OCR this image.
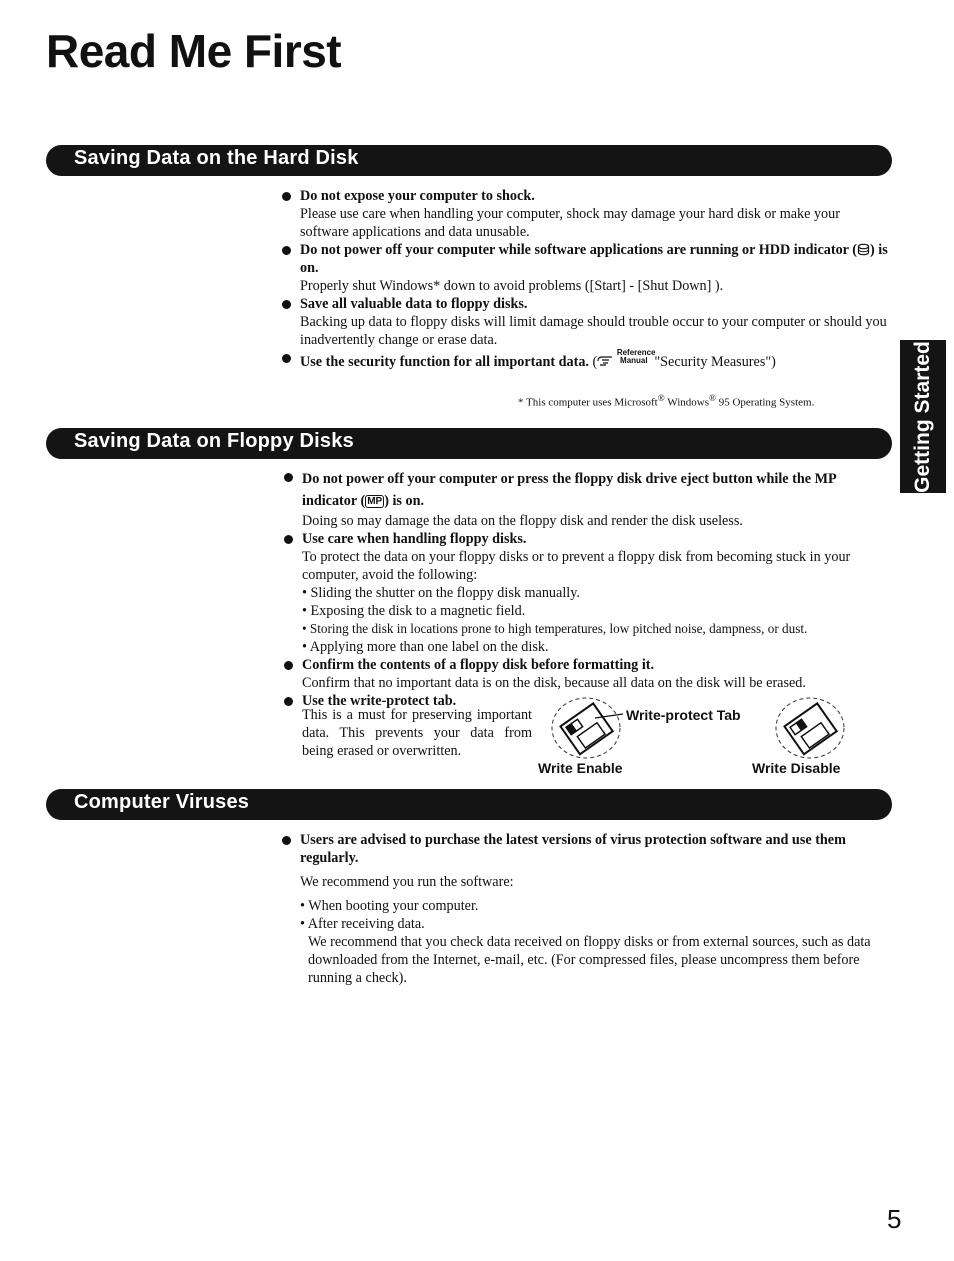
Read Me First
Getting Started
Saving Data on the Hard Disk
Do not expose your computer to shock.
Please use care when handling your computer, shock may damage your hard disk or make your software applications and data unusable.
Do not power off your computer while software applications are running or HDD indicator ( ) is on.
Properly shut Windows* down to avoid problems ([Start] - [Shut Down] ).
Save all valuable data to floppy disks.
Backing up data to floppy disks will limit damage should trouble occur to your computer or should you inadvertently change or erase data.
Use the security function for all important data. ( Reference Manual "Security Measures")
* This computer uses Microsoft® Windows® 95 Operating System.
Saving Data on Floppy Disks
Do not power off your computer or press the floppy disk drive eject button while the MP indicator ( MP ) is on.
Doing so may damage the data on the floppy disk and render the disk useless.
Use care when handling floppy disks.
To protect the data on your floppy disks or to prevent a floppy disk from becoming stuck in your computer, avoid the following:
• Sliding the shutter on the floppy disk manually.
• Exposing the disk to a magnetic field.
• Storing the disk in locations prone to high temperatures, low pitched noise, dampness, or dust.
• Applying more than one label on the disk.
Confirm the contents of a floppy disk before formatting it.
Confirm that no important data is on the disk, because all data on the disk will be erased.
Use the write-protect tab.
This is a must for preserving important data. This prevents your data from being erased or overwritten.
Write-protect Tab
Write Enable	Write Disable
Computer Viruses
Users are advised to purchase the latest versions of virus protection software and use them regularly.
We recommend you run the software:
• When booting your computer.
• After receiving data.
We recommend that you check data received on floppy disks or from external sources, such as data downloaded from the Internet, e-mail, etc. (For compressed files, please uncompress them before running a check).
5
